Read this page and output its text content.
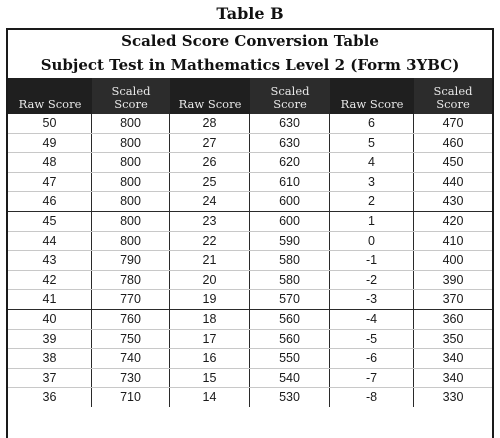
Table B
Scaled Score Conversion Table
Subject Test in Mathematics Level 2 (Form 3YBC)
Raw Score
Scaled
Score	Raw Score
Scaled
Score	Raw Score
Scaled
Score
50	800	28	630	6	470
49	800	27	630	5	460
48	800	26	620	4	450
47	800	25	610	3	440
46	800	24	600	2	430
45	800	23	600	1	420
44	800	22	590	0	410
43	790	21	580	-1	400
42	780	20	580	-2	390
41	770	19	570	-3	370
40	760	18	560	-4	360
39	750	17	560	-5	350
38	740	16	550	-6	340
37	730	15	540	-7	340
36	710	14	530	-8	330
